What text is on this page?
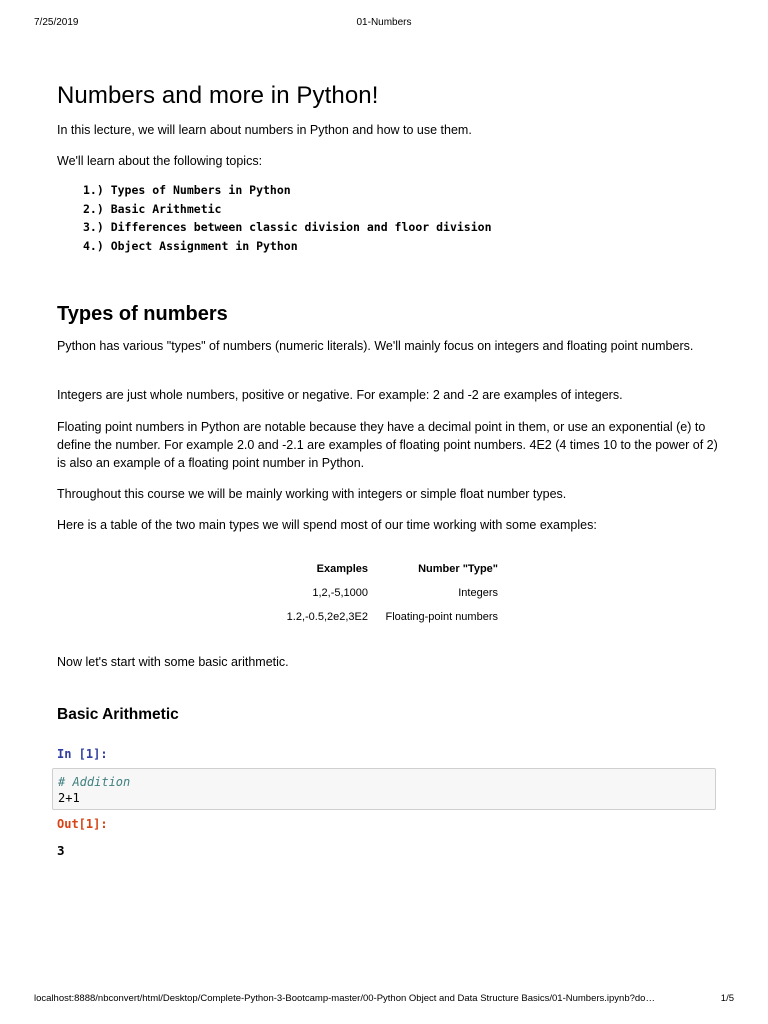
7/25/2019	01-Numbers
Numbers and more in Python!

In this lecture, we will learn about numbers in Python and how to use them.

We'll learn about the following topics:

1.) Types of Numbers in Python
2.) Basic Arithmetic
3.) Differences between classic division and floor division
4.) Object Assignment in Python
Types of numbers

Python has various "types" of numbers (numeric literals). We'll mainly focus on integers and floating point numbers.

Integers are just whole numbers, positive or negative. For example: 2 and -2 are examples of integers.

Floating point numbers in Python are notable because they have a decimal point in them, or use an exponential (e) to define the number. For example 2.0 and -2.1 are examples of floating point numbers. 4E2 (4 times 10 to the power of 2) is also an example of a floating point number in Python.

Throughout this course we will be mainly working with integers or simple float number types.

Here is a table of the two main types we will spend most of our time working with some examples:

Examples	Number "Type"
1,2,-5,1000	Integers
1.2,-0.5,2e2,3E2	Floating-point numbers

Now let's start with some basic arithmetic.

Basic Arithmetic
In [1]:
# Addition
2+1
Out[1]:
3
localhost:8888/nbconvert/html/Desktop/Complete-Python-3-Bootcamp-master/00-Python Object and Data Structure Basics/01-Numbers.ipynb?do…	1/5
